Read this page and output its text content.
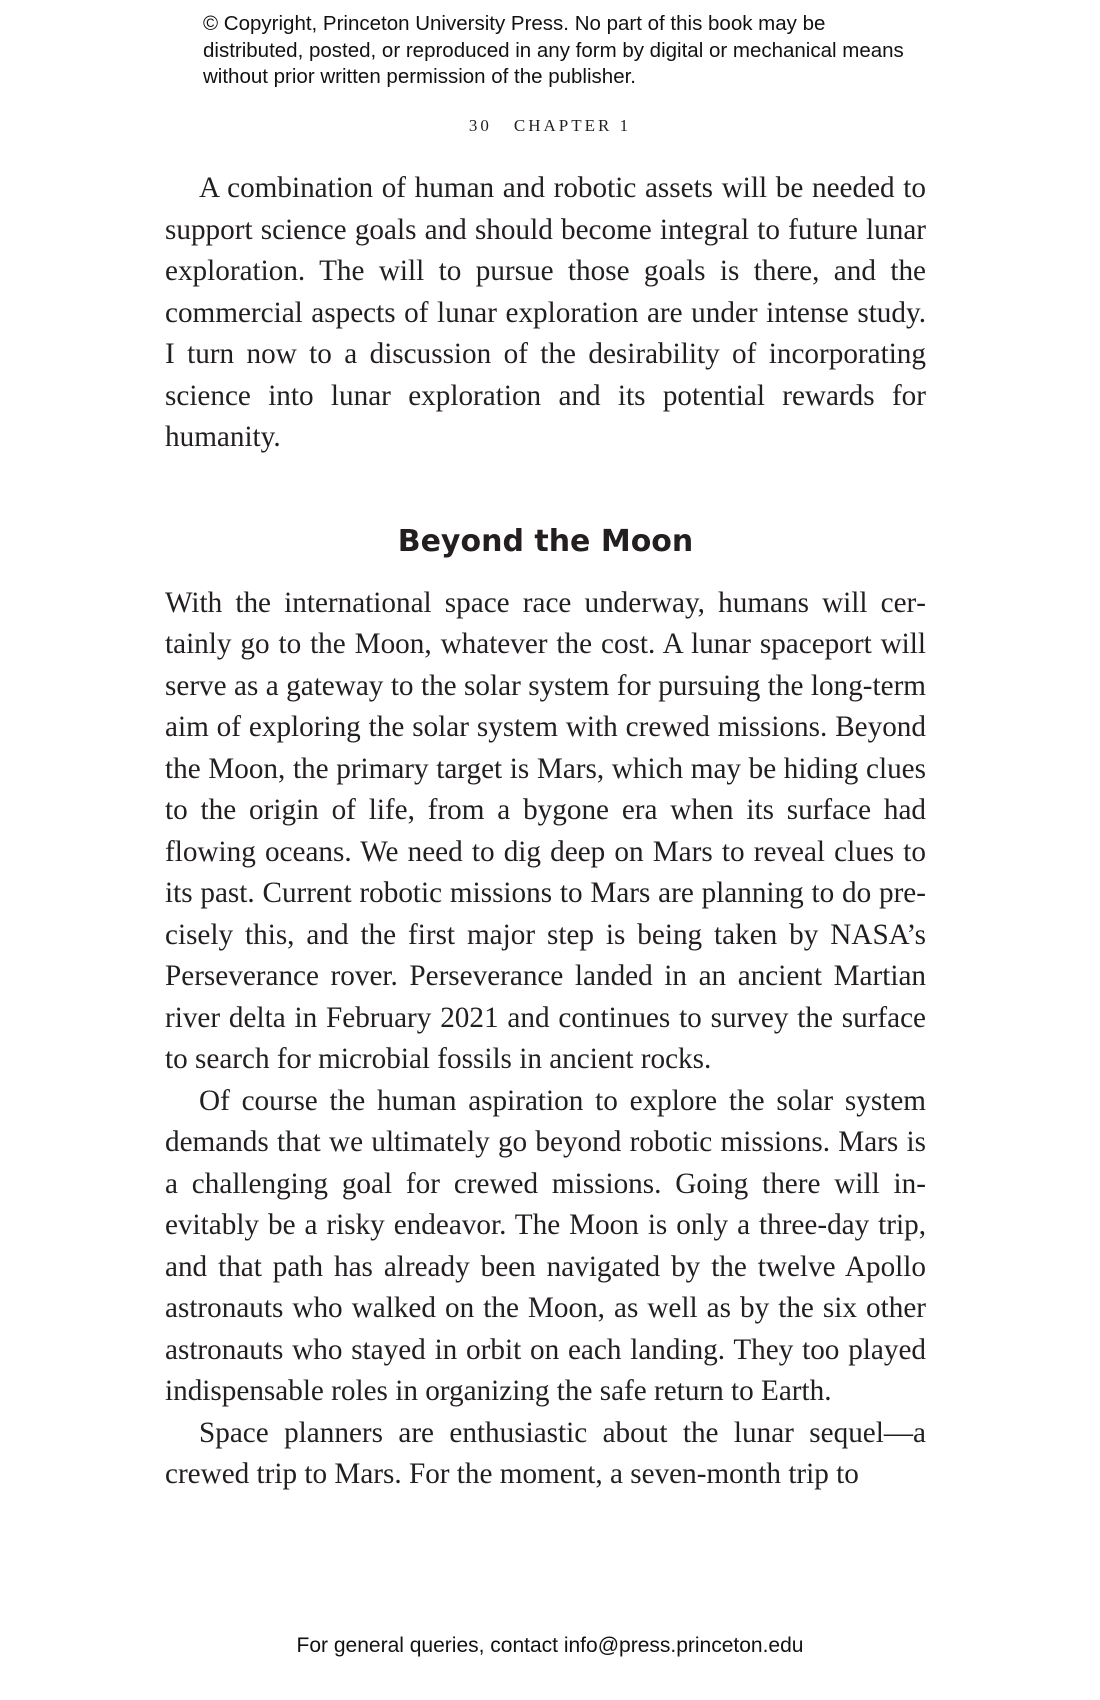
© Copyright, Princeton University Press. No part of this book may be distributed, posted, or reproduced in any form by digital or mechanical means without prior written permission of the publisher.

30 CHAPTER 1

A combination of human and robotic assets will be needed to support science goals and should become integral to future lunar exploration. The will to pursue those goals is there, and the commercial aspects of lunar exploration are under intense study. I turn now to a discussion of the desirability of incorporating science into lunar exploration and its potential rewards for humanity.

Beyond the Moon

With the international space race underway, humans will certainly go to the Moon, whatever the cost. A lunar spaceport will serve as a gateway to the solar system for pursuing the long-term aim of exploring the solar system with crewed missions. Beyond the Moon, the primary target is Mars, which may be hiding clues to the origin of life, from a bygone era when its surface had flowing oceans. We need to dig deep on Mars to reveal clues to its past. Current robotic missions to Mars are planning to do precisely this, and the first major step is being taken by NASA’s Perseverance rover. Perseverance landed in an ancient Martian river delta in February 2021 and continues to survey the surface to search for microbial fossils in ancient rocks.

Of course the human aspiration to explore the solar system demands that we ultimately go beyond robotic missions. Mars is a challenging goal for crewed missions. Going there will inevitably be a risky endeavor. The Moon is only a three-day trip, and that path has already been navigated by the twelve Apollo astronauts who walked on the Moon, as well as by the six other astronauts who stayed in orbit on each landing. They too played indispensable roles in organizing the safe return to Earth.

Space planners are enthusiastic about the lunar sequel—a crewed trip to Mars. For the moment, a seven-month trip to

For general queries, contact info@press.princeton.edu
